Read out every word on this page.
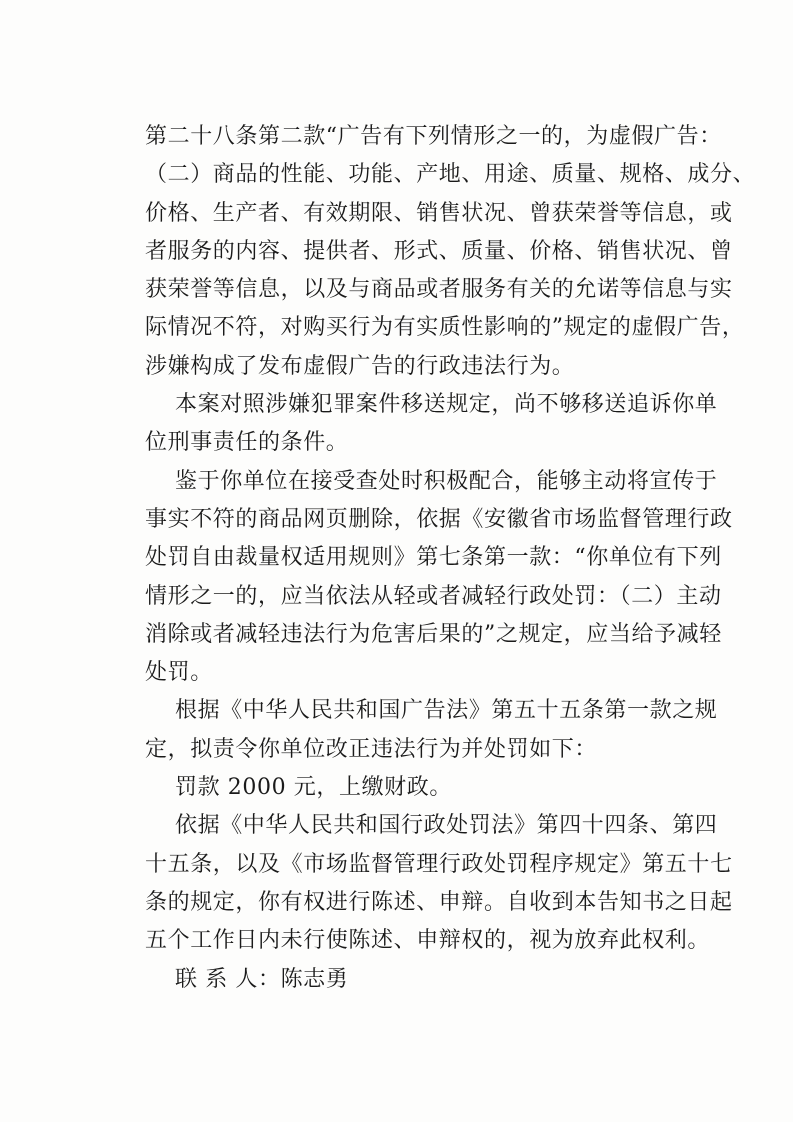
第二十八条第二款“广告有下列情形之一的，为虚假广告：
（二）商品的性能、功能、产地、用途、质量、规格、成分、
价格、生产者、有效期限、销售状况、曾获荣誉等信息，或
者服务的内容、提供者、形式、质量、价格、销售状况、曾
获荣誉等信息，以及与商品或者服务有关的允诺等信息与实
际情况不符，对购买行为有实质性影响的”规定的虚假广告，
涉嫌构成了发布虚假广告的行政违法行为。
本案对照涉嫌犯罪案件移送规定，尚不够移送追诉你单
位刑事责任的条件。
鉴于你单位在接受查处时积极配合，能够主动将宣传于
事实不符的商品网页删除，依据《安徽省市场监督管理行政
处罚自由裁量权适用规则》第七条第一款：“你单位有下列
情形之一的，应当依法从轻或者减轻行政处罚：（二）主动
消除或者减轻违法行为危害后果的”之规定，应当给予减轻
处罚。
根据《中华人民共和国广告法》第五十五条第一款之规
定，拟责令你单位改正违法行为并处罚如下：
罚款 2000 元，上缴财政。
依据《中华人民共和国行政处罚法》第四十四条、第四
十五条，以及《市场监督管理行政处罚程序规定》第五十七
条的规定，你有权进行陈述、申辩。自收到本告知书之日起
五个工作日内未行使陈述、申辩权的，视为放弃此权利。
联 系 人：陈志勇
